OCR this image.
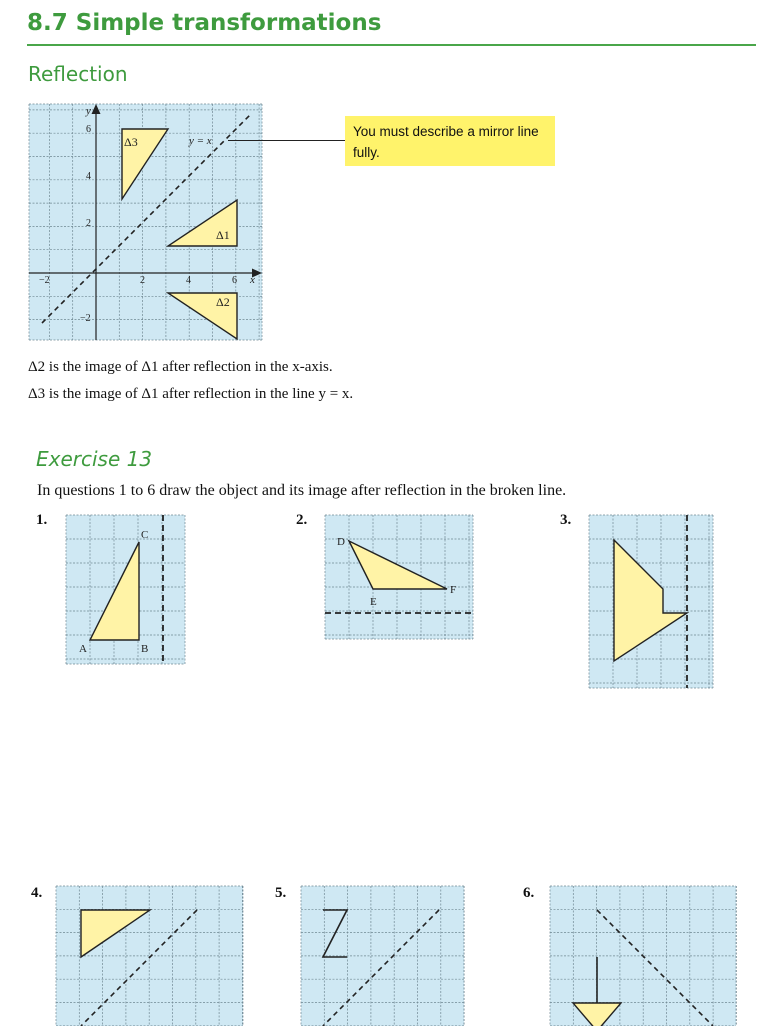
8.7 Simple transformations
Reflection
Δ1
Δ2
Δ3	y = x
x
y
−2	2	4	6
6
4
2
−2
You must describe a mirror line fully.

Δ2 is the image of Δ1 after reflection in the x-axis.

Δ3 is the image of Δ1 after reflection in the line y = x.

Exercise 13

In questions 1 to 6 draw the object and its image after reflection in the broken line.

1.	2.	3.

4.	5.	6.

A	B
C
D
E
F
